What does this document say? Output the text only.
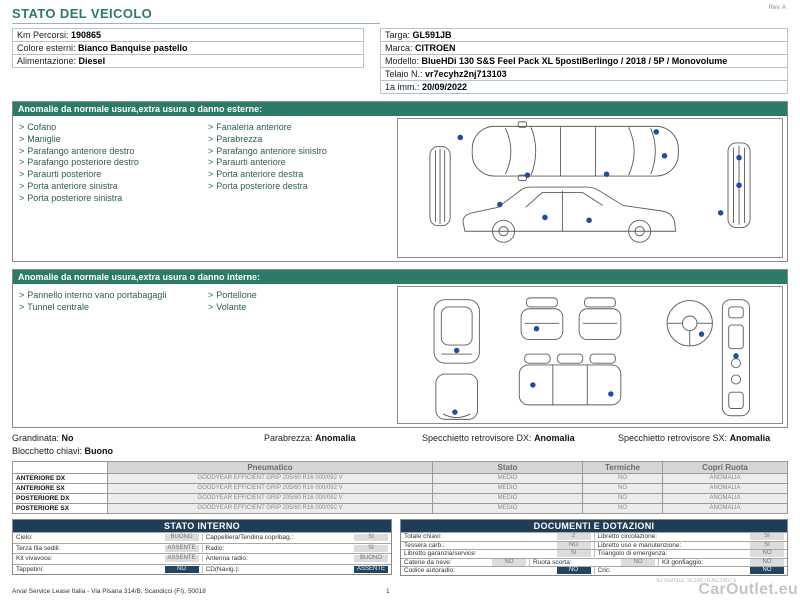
STATO DEL VEICOLO	Rev. A
Km Percorsi: 190865
Colore esterni: Bianco Banquise pastello
Alimentazione: Diesel
Targa: GL591JB
Marca: CITROEN
Modello: BlueHDi 130 S&S Feel Pack XL 5postiBerlingo / 2018 / 5P / Monovolume
Telaio N.: vr7ecyhz2nj713103
1a imm.: 20/09/2022
Anomalie da normale usura,extra usura o danno esterne:
> Cofano
> Maniglie
> Parafango anteriore destro
> Parafango posteriore destro
> Paraurti posteriore
> Porta anteriore sinistra
> Porta posteriore sinistra
> Fanaleria anteriore
> Parabrezza
> Parafango anteriore sinistro
> Paraurti anteriore
> Porta anteriore destra
> Porta posteriore destra
Anomalie da normale usura,extra usura o danno interne:
> Pannello interno vano portabagagli
> Tunnel centrale
> Portellone
> Volante
Grandinata: No	Parabrezza: Anomalia	Specchietto retrovisore DX: Anomalia	Specchietto retrovisore SX: Anomalia
Blocchetto chiavi: Buono
	Pneumatico	Stato	Termiche	Copri Ruota
ANTERIORE DX	GOODYEAR EFFICIENT GRIP 205/60 R16 000/092 V	MEDIO	NO	ANOMALIA
ANTERIORE SX	GOODYEAR EFFICIENT GRIP 205/60 R16 000/092 V	MEDIO	NO	ANOMALIA
POSTERIORE DX	GOODYEAR EFFICIENT GRIP 205/60 R16 000/092 V	MEDIO	NO	ANOMALIA
POSTERIORE SX	GOODYEAR EFFICIENT GRIP 205/60 R16 000/092 V	MEDIO	NO	ANOMALIA
STATO INTERNO
Cielo:	BUONO	Cappelliera/Tendina copribag.:	SI
Terza fila sedili:	ASSENTE	Radio:	SI
Kit vivavoce:	ASSENTE	Antenna radio:	BUONO
Tappetini:	NO	CD(Navig.):	ASSENTE
DOCUMENTI E DOTAZIONI
Totale chiavi:	2	Libretto circolazione:	SI
Tessera carb.:	NO	Libretto uso e manutenzione:	SI
Libretto garanzia/service:	SI	Triangolo di emergenza:	NO
Catene da neve:	NO	Ruota scorta:	NO	Kit gonfiaggio:	NO
Codice autoradio:	NO	Cric:	NO
Arval Service Lease Italia - Via Pisana 314/B, Scandicci (FI), 50018	1
ID stampa: 3c24b7bJ5c24b7a
CarOutlet.eu
